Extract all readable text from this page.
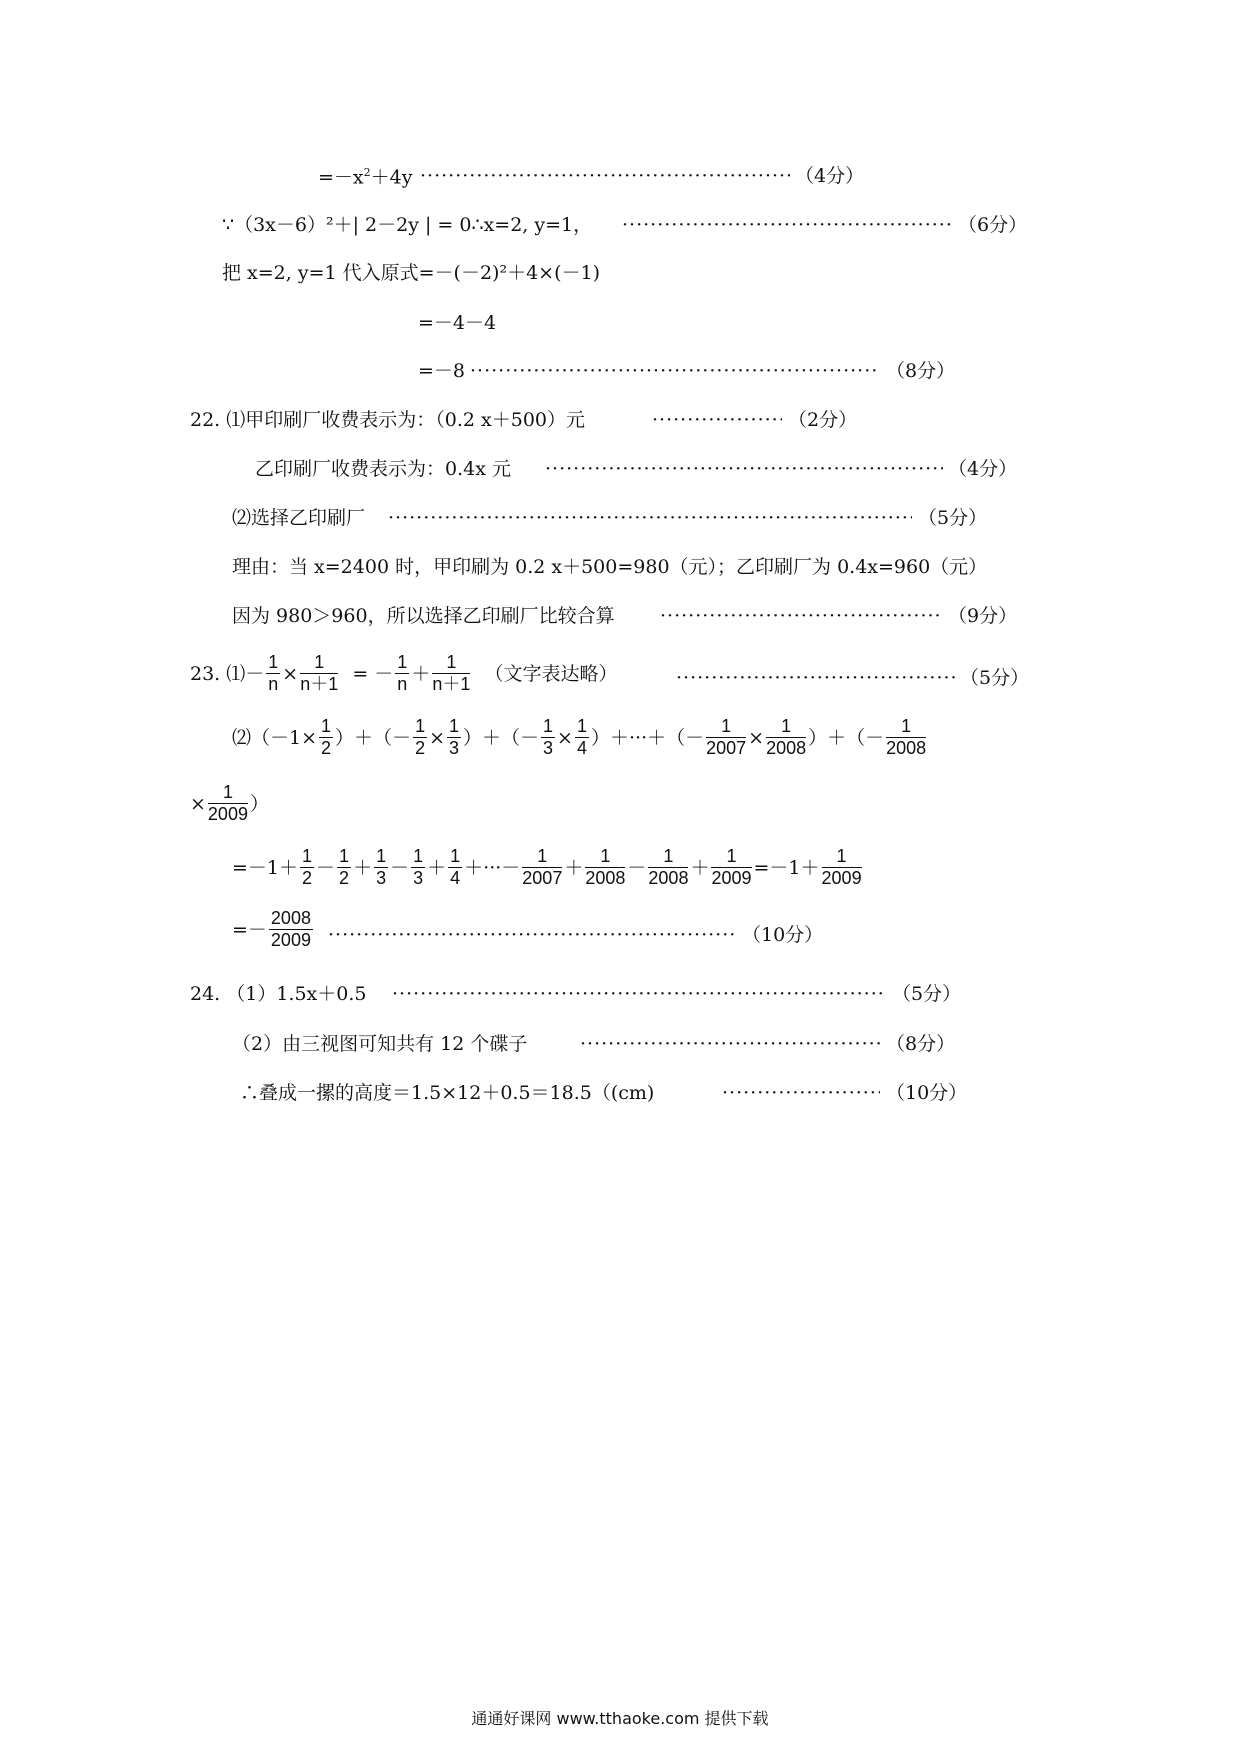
$=-x^2+4y$ ·····	（4分）
∵（3x－6）²＋| 2－2y | = 0∴x=2, y=1， ·····	（6分）
把 x=2, y=1 代入原式=－(－2)²＋4×(－1)
=－4－4
=－8 ·····	（8分）
22. ⑴甲印刷厂收费表示为：（0.2 x＋500）元 ·····	（2分）
乙印刷厂收费表示为：0.4x 元 ·····	（4分）
⑵选择乙印刷厂 ·····	（5分）
理由：当 x=2400 时，甲印刷为 0.2 x＋500=980（元）；乙印刷厂为 0.4x=960（元）
因为 980＞960，所以选择乙印刷厂比较合算 ·····	（9分）
23. ⑴－ $\frac{1}{n} \times \frac{1}{n+1}$ = － $\frac{1}{n} + \frac{1}{n+1}$ （文字表达略） ·····	（5分）
⑵（－1× $\frac{1}{2}$ ）＋（－ $\frac{1}{2} \times \frac{1}{3}$ ）＋（－ $\frac{1}{3} \times \frac{1}{4}$ ）＋···＋（－ $\frac{1}{2007} \times \frac{1}{2008}$ ）＋（－ $\frac{1}{2008}$
× $\frac{1}{2009}$ ）
$=-1+ \frac{1}{2} - \frac{1}{2} + \frac{1}{3} - \frac{1}{3} + \frac{1}{4}$ ＋···－ $\frac{1}{2007} + \frac{1}{2008} - \frac{1}{2008} + \frac{1}{2009} =-1+ \frac{1}{2009}$
=－ $\frac{2008}{2009}$ ·····	（10分）
24. （1）1.5x＋0.5 ·····	（5分）
（2）由三视图可知共有 12 个碟子 ·····	（8分）
∴叠成一摞的高度＝1.5×12＋0.5＝18.5（(cm) ·····	（10分）
通通好课网 www.tthaoke.com 提供下载
